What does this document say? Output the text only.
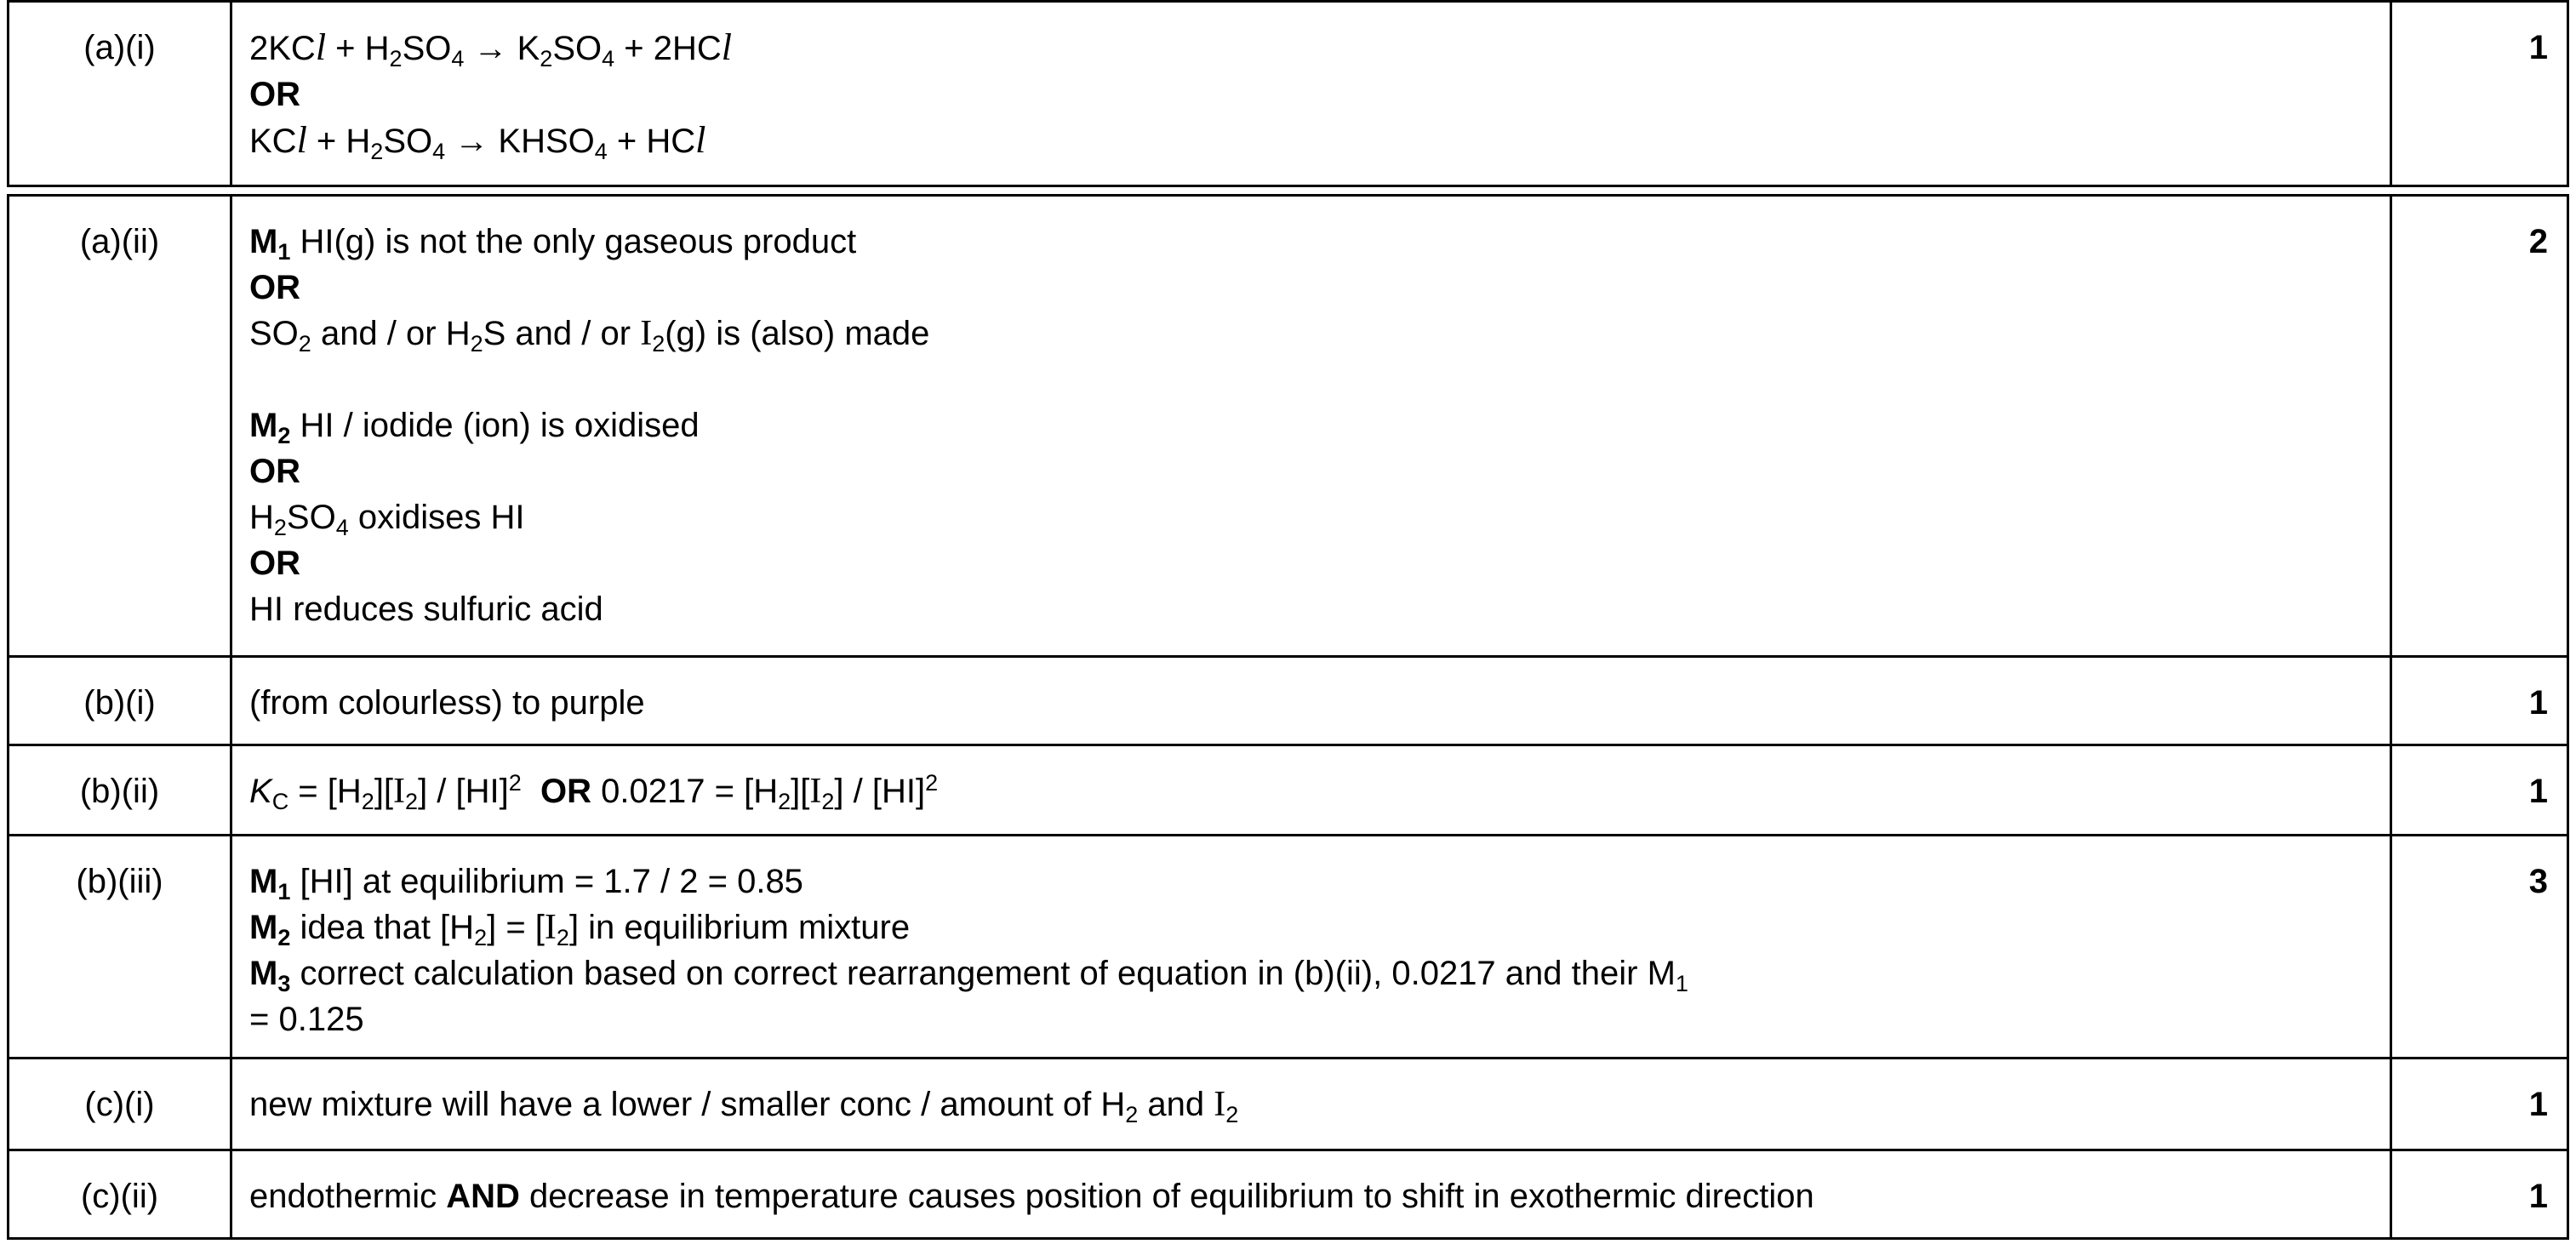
(a)(i)	$2KCl + H_2SO_4 \to K_2SO_4 + 2HCl$
OR
KCl + $H_2SO_4$ → $KHSO_4$ + HCl
1
(a)(ii)	$M_1$ HI(g) is not the only gaseous product
OR
$SO_2$ and / or $H_2S$ and / or $I_2(g)$ is (also) made
$M_2$ HI / iodide (ion) is oxidised
OR
$H_2SO_4$ oxidises HI
OR
HI reduces sulfuric acid
2
(b)(i)	(from colourless) to purple	1
(b)(ii)	$K_C = [H_2][I_2] / [HI]^2$ OR $0.0217 = [H_2][I_2] / [HI]^2$	1
(b)(iii)	$M_1$ [HI] at equilibrium = 1.7 / 2 = 0.85
$M_2$ idea that $[H_2] = [I_2]$ in equilibrium mixture
$M_3$ correct calculation based on correct rearrangement of equation in (b)(ii), 0.0217 and their $M_1$
= 0.125
3
(c)(i)	new mixture will have a lower / smaller conc / amount of $H_2$ and $I_2$	1
(c)(ii)	endothermic AND decrease in temperature causes position of equilibrium to shift in exothermic direction	1
